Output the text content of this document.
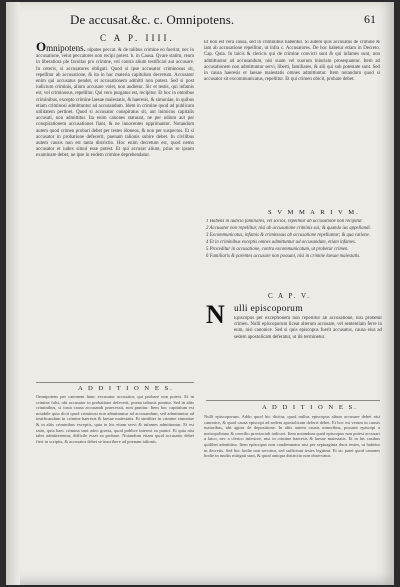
De accusat.&c. c. Omnipotens.	61
C A P. IIII.

Omnipotens. nipotes peccat. & de talibus crimine eo fuerint, nec in accusatione, velut peccatores non recipi potest. b. in Causa. Qvare statim, reum in liberatiora ple facultas pro crimine, vel contra alium testificari aut accusare. In ceteris, si accusatores obligati. Quod si ipse accusator criminosus sit, repellitur ab accusatione, & ita in hac materia capitulum decretum. Accusator enim qui accusatus pendet, et accusationem admitti non potest. Sed si post iudicium criminis, alium accusare volet, non audietur. Sic et testis, qui infamis est, vel criminosus, repellitur. Qui vero purgatus est, recipitur. Et hoc in omnibus criminibus, excepto crimine laesae maiestatis, & haeresis, & simoniae, in quibus etiam criminosi admittuntur ad accusandum. Idem in crimine quod ad publicam utilitatem pertinet. Quod si accusator conspiratus sit, aut inimicus capitalis accusati, non admittitur. Ita enim canones statuunt, ne per odium aut per conspirationem accusationes fiant, & ne innocentes opprimantur. Notandum autem quod crimen probari debet per testes idoneos, & non per suspectos. Et si accusator in probatione defecerit, poenam talionis subire debet. In civilibus autem causis non est tanta districtio. Hoc enim decretum est, quod nemo accusator et iudex simul esse potest. Et qui accusat alium, prius se ipsum examinare debet, ne ipse in eodem crimine deprehendatur.

Et non est vera causa, sed in criminibus habentur. Si autem quis accusatus de crimine & iam ab accusatione repellitur, ut infra c. Accusatores. De hoc habetur etiam in Decreto. Cap. Quia. In laicis & clericis qui de crimine convicti sunt & qui infames sunt, non admittuntur ad accusandum, nisi suam vel suorum iniuriam prosequantur. Item ad accusationem non admittuntur servi, liberti, familiares, & alii qui sub potestate sunt. Sed in causa haeresis et laesae maiestatis omnes admittuntur. Item notandum quod si accusator sit excommunicatus, repellitur. Et qui crimen obicit, probare debet.

S V M M A R I V M.

1 Habens in iudicio familiares, vel socios, repellitur ab accusatione non recipitur.

2 Accusator non repellitur, nisi ab accusatione criminis sui; & quando ius appellandi.

3 Excommunicatus, infamis & criminosus ab accusatione repelluntur; & qua ratione.

4 Et in criminibus exceptis omnes admittuntur ad accusandum, etiam infames.

5 Proceditur in accusatione, contra excommunicatum, ut probetur crimen.

6 Familiaris & parentes accusare non possunt, nisi in crimine laesae maiestatis.

C A P. V.
N ulli episcoporum

Episcopus per exceptionem non repellitur ab accusatione, nisi probetur crimen. Nulli episcoporum liceat alterum accusare, vel sententiam ferre in eum, nisi canonice. Sed si quis episcopus fuerit accusatus, causa eius ad sedem apostolicam deferatur, ut ibi terminetur.

A D D I T I O N E S.

Omnipotens per canonem hunc excusatur accusator, qui probare non potest. Et in crimine falsi, ubi accusator in probatione defecerit, poena talionis punitur. Sed in aliis criminibus, si iusta causa accusandi praecessit, non punitur. Item hoc capitulum est notabile quia dicit quod criminosi non admittuntur ad accusandum, sed admittuntur ad testificandum in crimine haeresis & laesae maiestatis. Et similiter in crimine simoniae & in aliis criminibus exceptis, quia in his etiam servi & infames admittuntur. Et est ratio, quia haec crimina sunt adeo gravia, quod publice interest ea puniri. Et quia nisi tales admitterentur, difficile esset ea probare. Notandum etiam quod accusatio debet fieri in scriptis, & accusator debet se inscribere ad poenam talionis.

A D D I T I O N E S.

Nulli episcoporum. Addo quod hic dicitur, quod nullus episcopus alium accusare debet nisi canonice, & quod causa episcopi ad sedem apostolicam deferri debet. Et hoc est verum in causis maioribus, ubi agitur de depositione. In aliis autem causis minoribus, possunt episcopi a metropolitano & concilio provinciali iudicari. Item notandum quod episcopus non potest accusari a laico, nec a clerico inferiore, nisi in crimine haeresis & laesae maiestatis. Et in his casibus quilibet admittitur. Item episcopus non condemnatur nisi per septuaginta duos testes, ut habetur in decretis. Sed hoc hodie non servatur, sed sufficiunt testes legitimi. Et sic patet quod canones hodie in multis mitigati sunt, & quod antiqua districtio non observatur.
